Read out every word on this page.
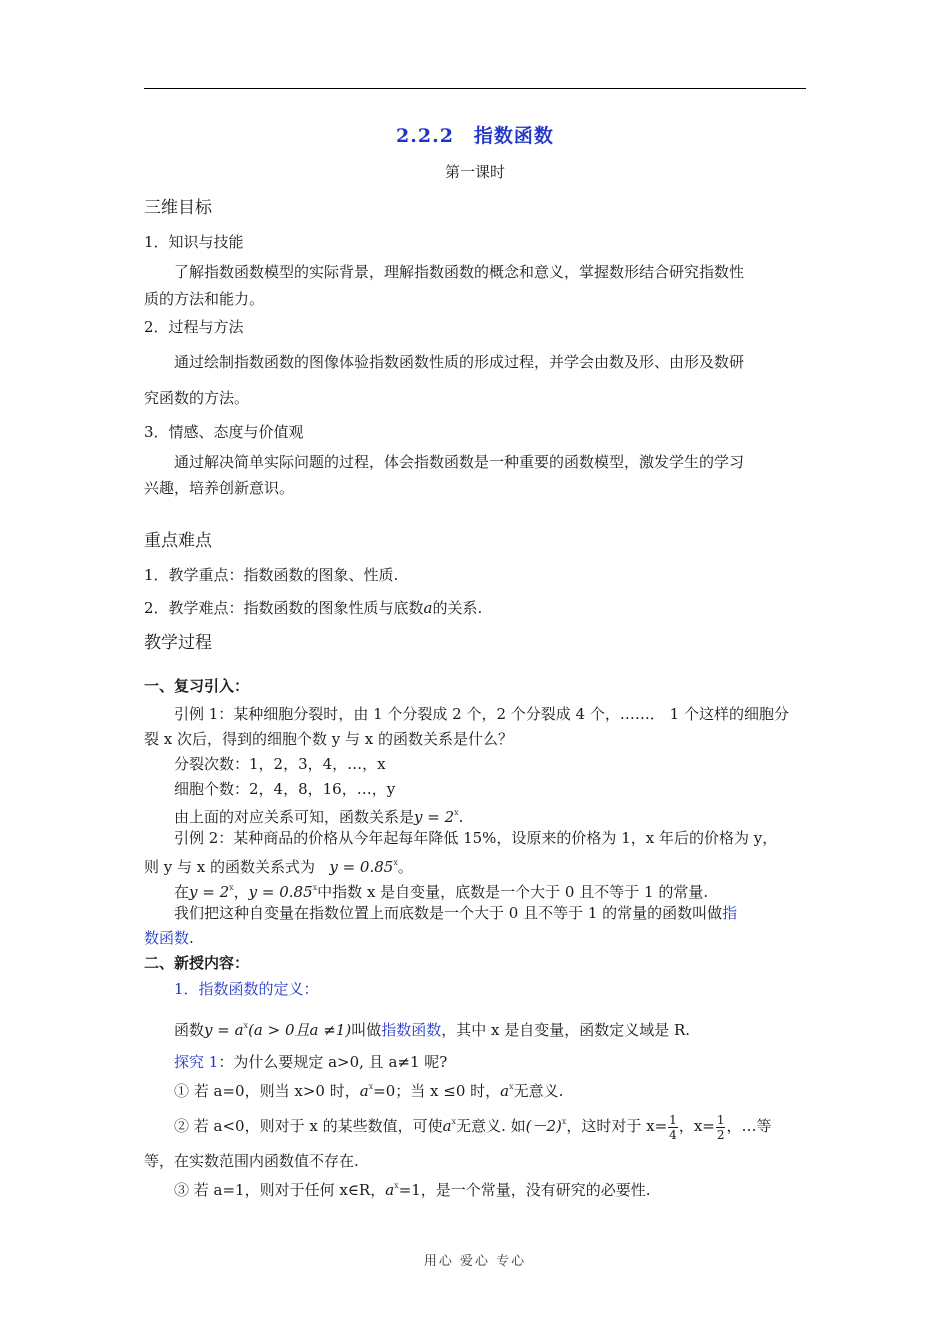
2.2.2　指数函数
第一课时
三维目标
1．知识与技能
了解指数函数模型的实际背景，理解指数函数的概念和意义，掌握数形结合研究指数性
质的方法和能力。
2．过程与方法
通过绘制指数函数的图像体验指数函数性质的形成过程，并学会由数及形、由形及数研
究函数的方法。
3．情感、态度与价值观
通过解决简单实际问题的过程，体会指数函数是一种重要的函数模型，激发学生的学习
兴趣，培养创新意识。
重点难点
1．教学重点：指数函数的图象、性质.
2．教学难点：指数函数的图象性质与底数a的关系.
教学过程
一、复习引入：
引例 1：某种细胞分裂时，由 1 个分裂成 2 个，2 个分裂成 4 个，……． 1 个这样的细胞分
裂 x 次后，得到的细胞个数 y 与 x 的函数关系是什么？
分裂次数：1，2，3，4，…，x
细胞个数：2，4，8，16，…，y
由上面的对应关系可知，函数关系是$y = 2^x$.
引例 2：某种商品的价格从今年起每年降低 15%，设原来的价格为 1，x 年后的价格为 y，
则 y 与 x 的函数关系式为 $y = 0.85^x$。
在$y = 2^x$，$y = 0.85^x$中指数 x 是自变量，底数是一个大于 0 且不等于 1 的常量.
我们把这种自变量在指数位置上而底数是一个大于 0 且不等于 1 的常量的函数叫做指
数函数.
二、新授内容：
1．指数函数的定义：
函数$y = a^x(a > 0$且a ≠1)叫做指数函数，其中 x 是自变量，函数定义域是 R.
探究 1：为什么要规定 a>0, 且 a≠1 呢?
① 若 a=0，则当 x>0 时，$a^x=0$；当 x ≤0 时，$a^x$无意义.
② 若 a<0，则对于 x 的某些数值，可使$a^x$无意义. 如$(-2)^x$，这时对于 $x= \frac{1}{4}$ ，$x= \frac{1}{2}$ ，…等
等，在实数范围内函数值不存在.
③ 若 a=1，则对于任何 x∈R，$a^x=1$，是一个常量，没有研究的必要性.
用心 爱心 专心
